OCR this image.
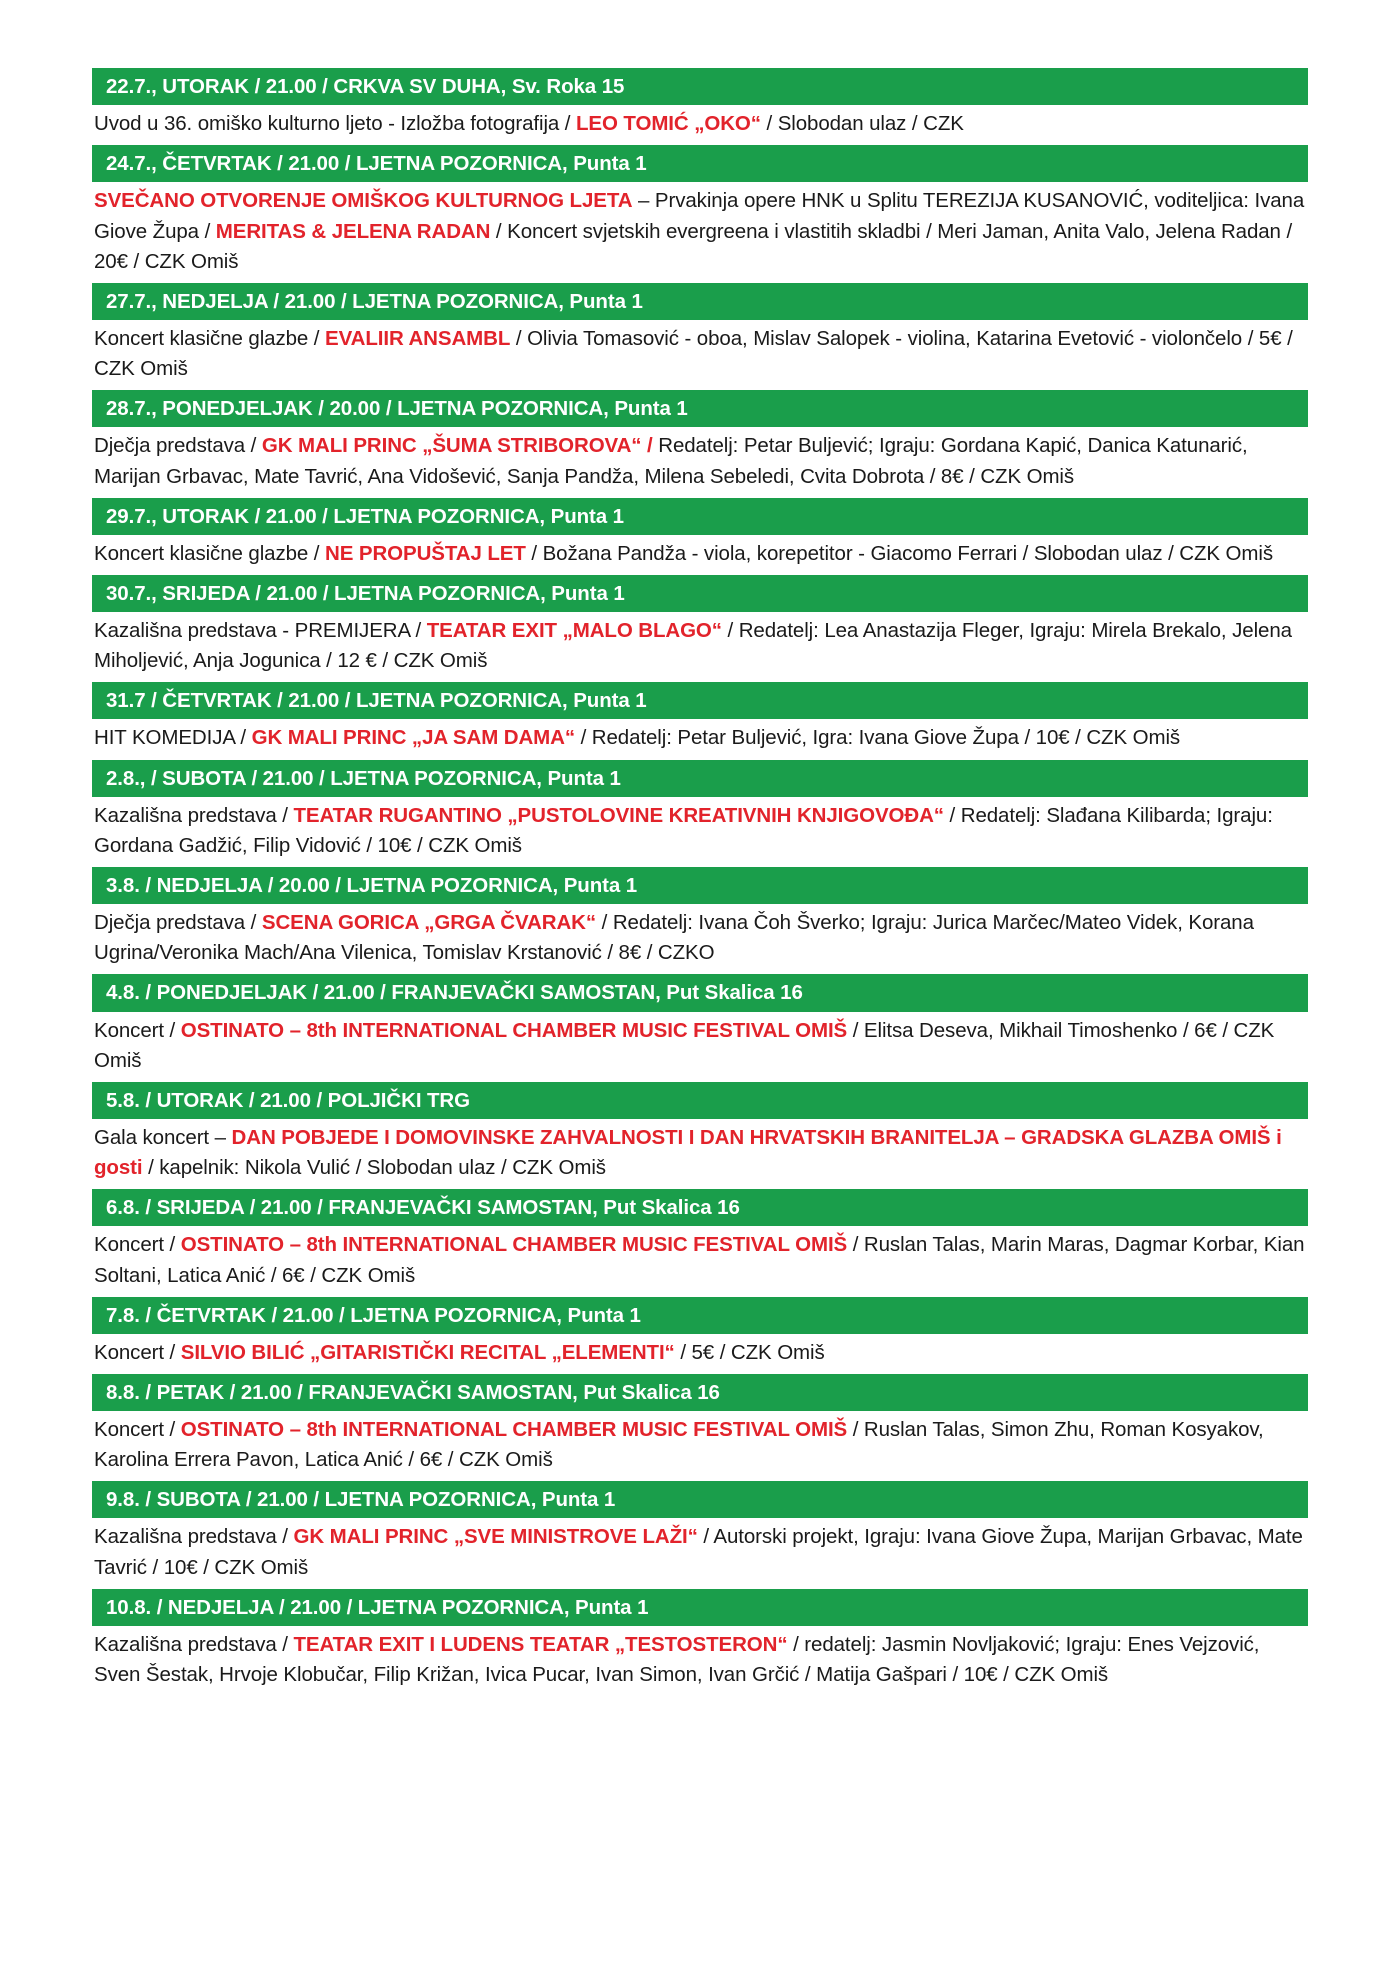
22.7., UTORAK / 21.00 / CRKVA SV DUHA, Sv. Roka 15
Uvod u 36. omiško kulturno ljeto - Izložba fotografija / LEO TOMIĆ „OKO“ / Slobodan ulaz / CZK
24.7., ČETVRTAK / 21.00 / LJETNA POZORNICA, Punta 1
SVEČANO OTVORENJE OMIŠKOG KULTURNOG LJETA – Prvakinja opere HNK u Splitu TEREZIJA KUSANOVIĆ, voditeljica: Ivana Giove Župa / MERITAS & JELENA RADAN / Koncert svjetskih evergreena i vlastitih skladbi / Meri Jaman, Anita Valo, Jelena Radan / 20€ / CZK Omiš
27.7., NEDJELJA / 21.00 / LJETNA POZORNICA, Punta 1
Koncert klasične glazbe / EVALIIR ANSAMBL / Olivia Tomasović - oboa, Mislav Salopek - violina, Katarina Evetović - violončelo / 5€ / CZK Omiš
28.7., PONEDJELJAK / 20.00 / LJETNA POZORNICA, Punta 1
Dječja predstava / GK MALI PRINC „ŠUMA STRIBOROVA“ / Redatelj: Petar Buljević; Igraju: Gordana Kapić, Danica Katunarić, Marijan Grbavac, Mate Tavrić, Ana Vidošević, Sanja Pandža, Milena Sebeledi, Cvita Dobrota / 8€ / CZK Omiš
29.7., UTORAK / 21.00 / LJETNA POZORNICA, Punta 1
Koncert klasične glazbe / NE PROPUŠTAJ LET / Božana Pandža - viola, korepetitor - Giacomo Ferrari / Slobodan ulaz / CZK Omiš
30.7., SRIJEDA / 21.00 / LJETNA POZORNICA, Punta 1
Kazališna predstava - PREMIJERA / TEATAR EXIT „MALO BLAGO“ / Redatelj: Lea Anastazija Fleger, Igraju: Mirela Brekalo, Jelena Miholjević, Anja Jogunica / 12 € / CZK Omiš
31.7 / ČETVRTAK / 21.00 / LJETNA POZORNICA, Punta 1
HIT KOMEDIJA / GK MALI PRINC „JA SAM DAMA“ / Redatelj: Petar Buljević, Igra: Ivana Giove Župa / 10€ / CZK Omiš
2.8., / SUBOTA / 21.00 / LJETNA POZORNICA, Punta 1
Kazališna predstava / TEATAR RUGANTINO „PUSTOLOVINE KREATIVNIH KNJIGOVOĐA“ / Redatelj: Slađana Kilibarda; Igraju: Gordana Gadžić, Filip Vidović / 10€ / CZK Omiš
3.8. / NEDJELJA / 20.00 / LJETNA POZORNICA, Punta 1
Dječja predstava / SCENA GORICA „GRGA ČVARAK“ / Redatelj: Ivana Čoh Šverko; Igraju: Jurica Marčec/Mateo Videk, Korana Ugrina/Veronika Mach/Ana Vilenica, Tomislav Krstanović / 8€ / CZKO
4.8. / PONEDJELJAK / 21.00 / FRANJEVAČKI SAMOSTAN, Put Skalica 16
Koncert / OSTINATO – 8th INTERNATIONAL CHAMBER MUSIC FESTIVAL OMIŠ / Elitsa Deseva, Mikhail Timoshenko / 6€ / CZK Omiš
5.8. / UTORAK / 21.00 / POLJIČKI TRG
Gala koncert – DAN POBJEDE I DOMOVINSKE ZAHVALNOSTI I DAN HRVATSKIH BRANITELJA – GRADSKA GLAZBA OMIŠ i gosti / kapelnik: Nikola Vulić / Slobodan ulaz / CZK Omiš
6.8. / SRIJEDA / 21.00 / FRANJEVAČKI SAMOSTAN, Put Skalica 16
Koncert / OSTINATO – 8th INTERNATIONAL CHAMBER MUSIC FESTIVAL OMIŠ / Ruslan Talas, Marin Maras, Dagmar Korbar, Kian Soltani, Latica Anić / 6€ / CZK Omiš
7.8. / ČETVRTAK / 21.00 / LJETNA POZORNICA, Punta 1
Koncert / SILVIO BILIĆ „GITARISTIČKI RECITAL „ELEMENTI“ / 5€ / CZK Omiš
8.8. / PETAK / 21.00 / FRANJEVAČKI SAMOSTAN, Put Skalica 16
Koncert / OSTINATO – 8th INTERNATIONAL CHAMBER MUSIC FESTIVAL OMIŠ / Ruslan Talas, Simon Zhu, Roman Kosyakov, Karolina Errera Pavon, Latica Anić / 6€ / CZK Omiš
9.8. / SUBOTA / 21.00 / LJETNA POZORNICA, Punta 1
Kazališna predstava / GK MALI PRINC „SVE MINISTROVE LAŽI“ / Autorski projekt, Igraju: Ivana Giove Župa, Marijan Grbavac, Mate Tavrić / 10€ / CZK Omiš
10.8. / NEDJELJA / 21.00 / LJETNA POZORNICA, Punta 1
Kazališna predstava / TEATAR EXIT I LUDENS TEATAR „TESTOSTERON“ / redatelj: Jasmin Novljaković; Igraju: Enes Vejzović, Sven Šestak, Hrvoje Klobučar, Filip Križan, Ivica Pucar, Ivan Simon, Ivan Grčić / Matija Gašpari / 10€ / CZK Omiš
